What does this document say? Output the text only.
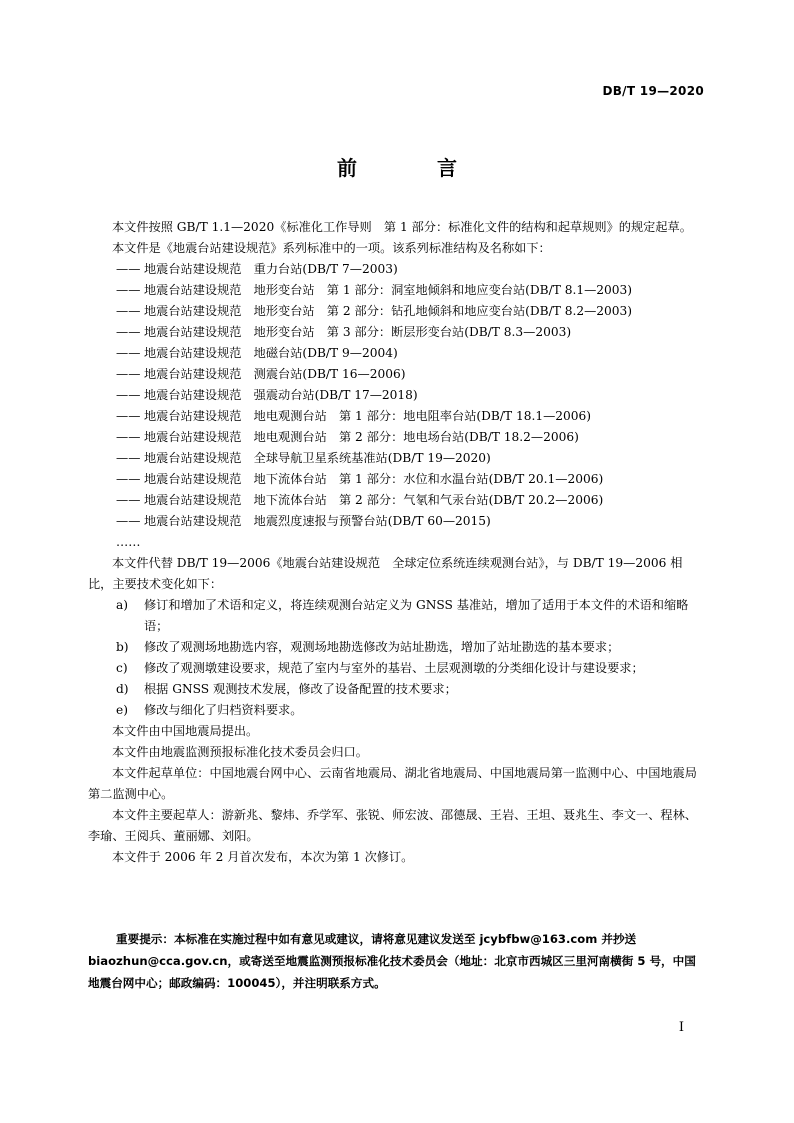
DB/T 19—2020
前　言

本文件按照 GB/T 1.1—2020《标准化工作导则　第 1 部分：标准化文件的结构和起草规则》的规定起草。

本文件是《地震台站建设规范》系列标准中的一项。该系列标准结构及名称如下：

—— 地震台站建设规范　重力台站(DB/T 7—2003)

—— 地震台站建设规范　地形变台站　第 1 部分：洞室地倾斜和地应变台站(DB/T 8.1—2003)

—— 地震台站建设规范　地形变台站　第 2 部分：钻孔地倾斜和地应变台站(DB/T 8.2—2003)

—— 地震台站建设规范　地形变台站　第 3 部分：断层形变台站(DB/T 8.3—2003)

—— 地震台站建设规范　地磁台站(DB/T 9—2004)

—— 地震台站建设规范　测震台站(DB/T 16—2006)

—— 地震台站建设规范　强震动台站(DB/T 17—2018)

—— 地震台站建设规范　地电观测台站　第 1 部分：地电阻率台站(DB/T 18.1—2006)

—— 地震台站建设规范　地电观测台站　第 2 部分：地电场台站(DB/T 18.2—2006)

—— 地震台站建设规范　全球导航卫星系统基准站(DB/T 19—2020)

—— 地震台站建设规范　地下流体台站　第 1 部分：水位和水温台站(DB/T 20.1—2006)

—— 地震台站建设规范　地下流体台站　第 2 部分：气氡和气汞台站(DB/T 20.2—2006)

—— 地震台站建设规范　地震烈度速报与预警台站(DB/T 60—2015)

……

本文件代替 DB/T 19—2006《地震台站建设规范　全球定位系统连续观测台站》，与 DB/T 19—2006 相比，主要技术变化如下：

a)	修订和增加了术语和定义，将连续观测台站定义为 GNSS 基准站，增加了适用于本文件的术语和缩略语；

b)	修改了观测场地勘选内容，观测场地勘选修改为站址勘选，增加了站址勘选的基本要求；

c)	修改了观测墩建设要求，规范了室内与室外的基岩、土层观测墩的分类细化设计与建设要求；

d)	根据 GNSS 观测技术发展，修改了设备配置的技术要求；

e)	修改与细化了归档资料要求。

本文件由中国地震局提出。

本文件由地震监测预报标准化技术委员会归口。

本文件起草单位：中国地震台网中心、云南省地震局、湖北省地震局、中国地震局第一监测中心、中国地震局第二监测中心。

本文件主要起草人：游新兆、黎炜、乔学军、张锐、师宏波、邵德晟、王岩、王坦、聂兆生、李文一、程林、李瑜、王阅兵、董丽娜、刘阳。

本文件于 2006 年 2 月首次发布，本次为第 1 次修订。

重要提示：本标准在实施过程中如有意见或建议，请将意见建议发送至 jcybfbw@163.com 并抄送 biaozhun@cca.gov.cn，或寄送至地震监测预报标准化技术委员会（地址：北京市西城区三里河南横街 5 号，中国地震台网中心；邮政编码：100045），并注明联系方式。
I
